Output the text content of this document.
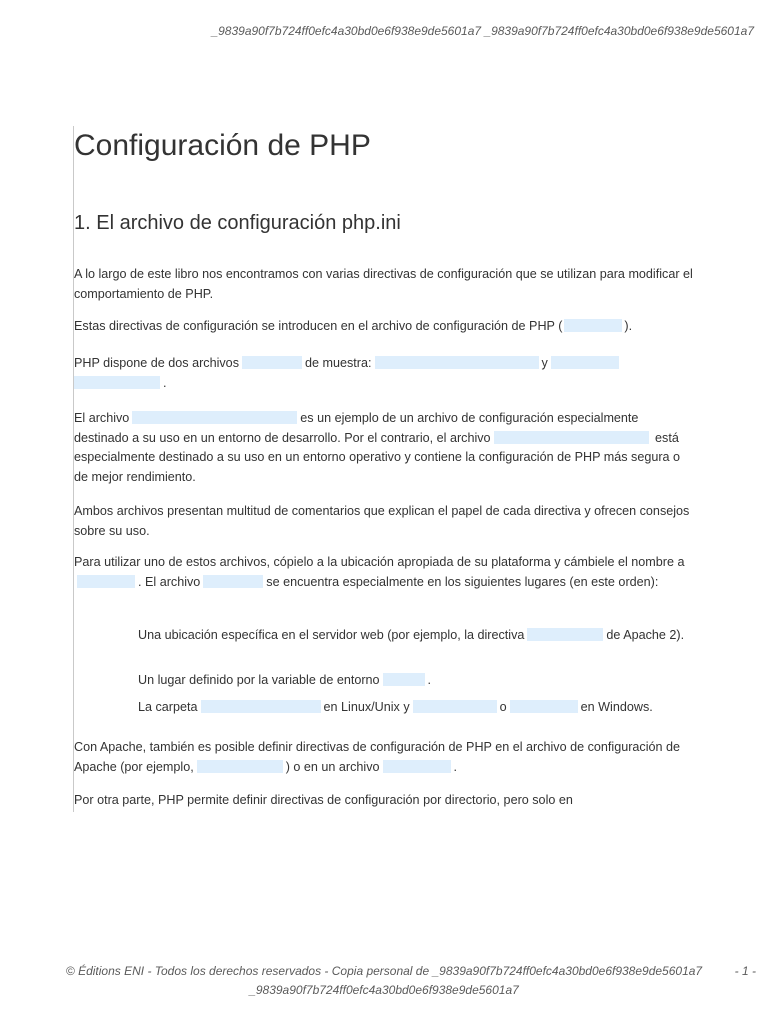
_9839a90f7b724ff0efc4a30bd0e6f938e9de5601a7 _9839a90f7b724ff0efc4a30bd0e6f938e9de5601a7
Configuración de PHP
1. El archivo de configuración php.ini
A lo largo de este libro nos encontramos con varias directivas de configuración que se utilizan para modificar el comportamiento de PHP.
Estas directivas de configuración se introducen en el archivo de configuración de PHP (	).
PHP dispone de dos archivos	de muestra:	y
.
El archivo	es un ejemplo de un archivo de configuración especialmente destinado a su uso en un entorno de desarrollo. Por el contrario, el archivo	está especialmente destinado a su uso en un entorno operativo y contiene la configuración de PHP más segura o de mejor rendimiento.
Ambos archivos presentan multitud de comentarios que explican el papel de cada directiva y ofrecen consejos sobre su uso.
Para utilizar uno de estos archivos, cópielo a la ubicación apropiada de su plataforma y cámbiele el nombre a. El archivo	se encuentra especialmente en los siguientes lugares (en este orden):
Una ubicación específica en el servidor web (por ejemplo, la directiva	de Apache 2).
Un lugar definido por la variable de entorno	.
La carpeta	en Linux/Unix y	o	en Windows.
Con Apache, también es posible definir directivas de configuración de PHP en el archivo de configuración de Apache (por ejemplo,	) o en un archivo	.
Por otra parte, PHP permite definir directivas de configuración por directorio, pero solo en
© Éditions ENI - Todos los derechos reservados - Copia personal de _9839a90f7b724ff0efc4a30bd0e6f938e9de5601a7
_9839a90f7b724ff0efc4a30bd0e6f938e9de5601a7
- 1 -
